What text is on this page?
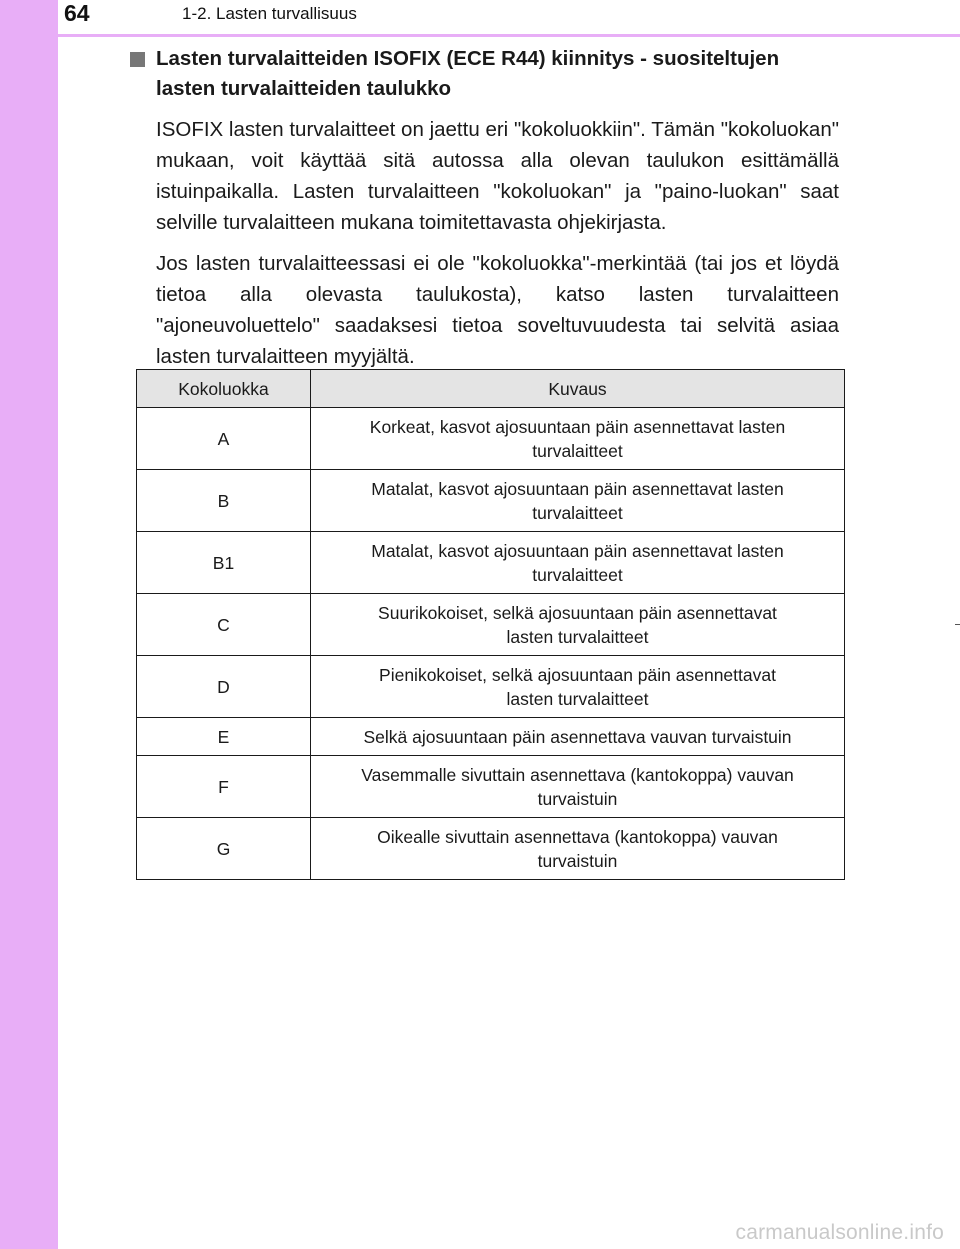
64	1-2. Lasten turvallisuus

Lasten turvalaitteiden ISOFIX (ECE R44) kiinnitys - suositeltujen lasten turvalaitteiden taulukko

ISOFIX lasten turvalaitteet on jaettu eri "kokoluokkiin". Tämän "kokoluokan" mukaan, voit käyttää sitä autossa alla olevan taulukon esittämällä istuinpaikalla. Lasten turvalaitteen "kokoluokan" ja "paino-luokan" saat selville turvalaitteen mukana toimitettavasta ohjekirjasta.

Jos lasten turvalaitteessasi ei ole "kokoluokka"-merkintää (tai jos et löydä tietoa alla olevasta taulukosta), katso lasten turvalaitteen "ajoneuvoluettelo" saadaksesi tietoa soveltuvuudesta tai selvitä asiaa lasten turvalaitteen myyjältä.

Kokoluokka	Kuvaus
A	Korkeat, kasvot ajosuuntaan päin asennettavat lasten
turvalaitteet
B	Matalat, kasvot ajosuuntaan päin asennettavat lasten
turvalaitteet
B1	Matalat, kasvot ajosuuntaan päin asennettavat lasten
turvalaitteet
C	Suurikokoiset, selkä ajosuuntaan päin asennettavat
lasten turvalaitteet
D	Pienikokoiset, selkä ajosuuntaan päin asennettavat
lasten turvalaitteet
E	Selkä ajosuuntaan päin asennettava vauvan turvaistuin
F	Vasemmalle sivuttain asennettava (kantokoppa) vauvan
turvaistuin
G	Oikealle sivuttain asennettava (kantokoppa) vauvan
turvaistuin
carmanualsonline.info
